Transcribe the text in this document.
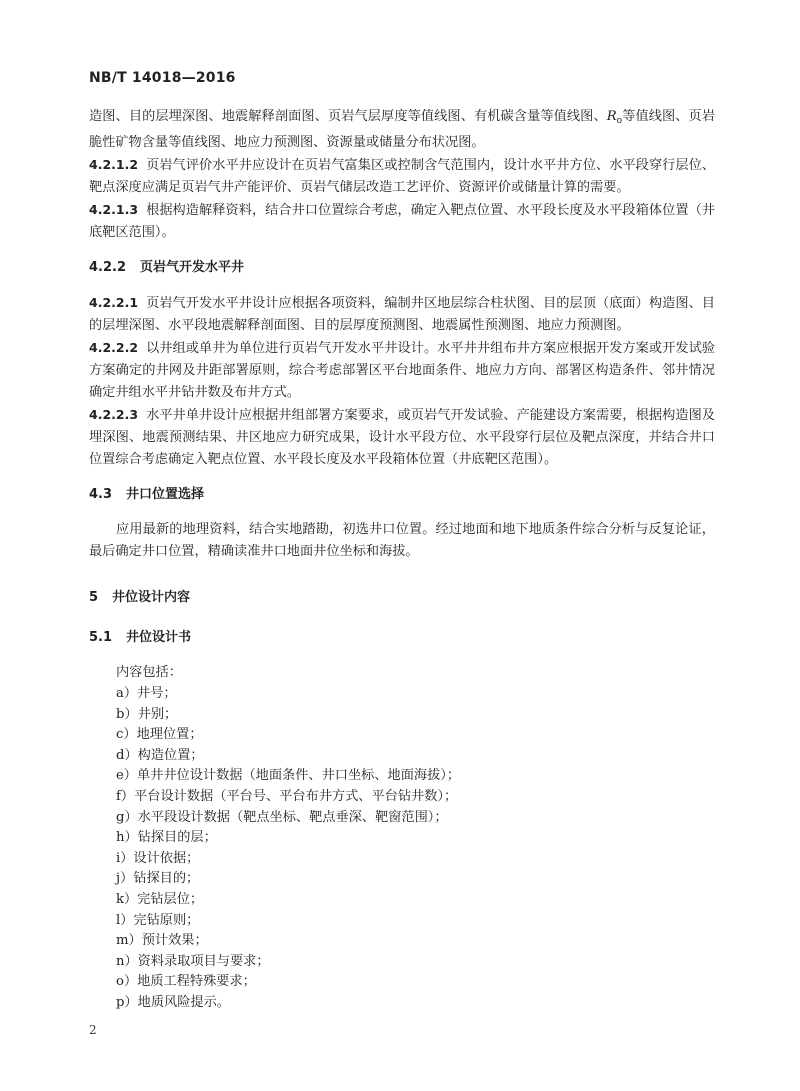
NB/T 14018—2016

造图、目的层埋深图、地震解释剖面图、页岩气层厚度等值线图、有机碳含量等值线图、$R_o$等值线图、页岩脆性矿物含量等值线图、地应力预测图、资源量或储量分布状况图。

4.2.1.2 页岩气评价水平井应设计在页岩气富集区或控制含气范围内，设计水平井方位、水平段穿行层位、靶点深度应满足页岩气井产能评价、页岩气储层改造工艺评价、资源评价或储量计算的需要。

4.2.1.3 根据构造解释资料，结合井口位置综合考虑，确定入靶点位置、水平段长度及水平段箱体位置（井底靶区范围）。

4.2.2 页岩气开发水平井

4.2.2.1 页岩气开发水平井设计应根据各项资料，编制井区地层综合柱状图、目的层顶（底面）构造图、目的层埋深图、水平段地震解释剖面图、目的层厚度预测图、地震属性预测图、地应力预测图。

4.2.2.2 以井组或单井为单位进行页岩气开发水平井设计。水平井井组布井方案应根据开发方案或开发试验方案确定的井网及井距部署原则，综合考虑部署区平台地面条件、地应力方向、部署区构造条件、邻井情况确定井组水平井钻井数及布井方式。

4.2.2.3 水平井单井设计应根据井组部署方案要求，或页岩气开发试验、产能建设方案需要，根据构造图及埋深图、地震预测结果、井区地应力研究成果，设计水平段方位、水平段穿行层位及靶点深度，并结合井口位置综合考虑确定入靶点位置、水平段长度及水平段箱体位置（井底靶区范围）。

4.3 井口位置选择

应用最新的地理资料，结合实地踏勘，初选井口位置。经过地面和地下地质条件综合分析与反复论证，最后确定井口位置，精确读准井口地面井位坐标和海拔。

5 井位设计内容

5.1 井位设计书

内容包括：

a）井号；
b）井别；
c）地理位置；
d）构造位置；
e）单井井位设计数据（地面条件、井口坐标、地面海拔）；
f）平台设计数据（平台号、平台布井方式、平台钻井数）；
g）水平段设计数据（靶点坐标、靶点垂深、靶窗范围）；
h）钻探目的层；
i）设计依据；
j）钻探目的；
k）完钻层位；
l）完钻原则；
m）预计效果；
n）资料录取项目与要求；
o）地质工程特殊要求；
p）地质风险提示。
2
